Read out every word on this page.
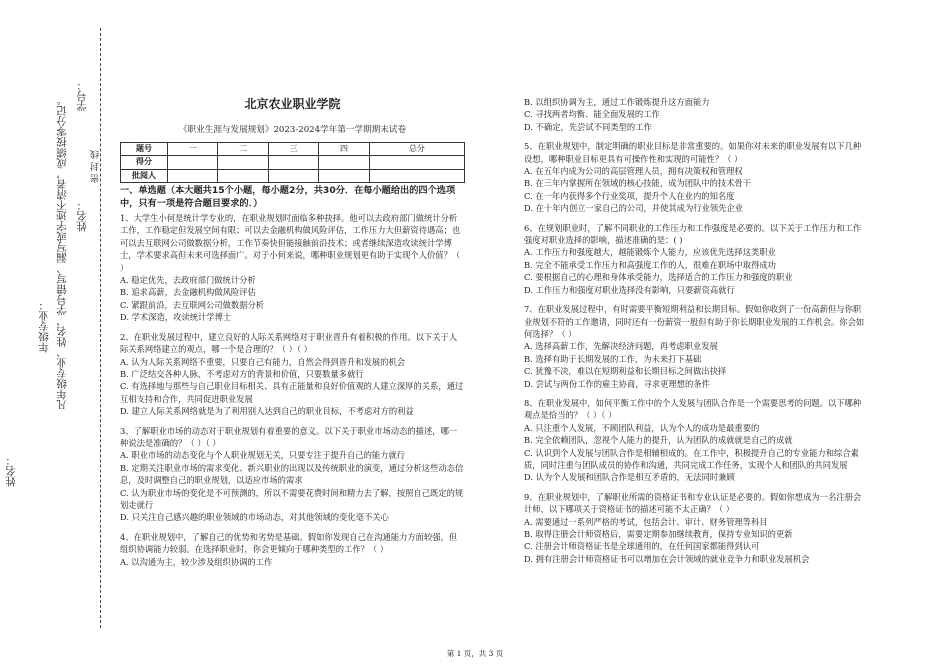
姓名：
年级专业： 凡年级专业、姓名、学号错写、漏写或字迹不清者，成绩按零分记。 姓名：
学号：
密 封 线
北京农业职业学院
《职业生涯与发展规划》2023-2024学年第一学期期末试卷
题号	一	二	三	四	总分
得分					
批阅人					
一、单选题（本大题共15个小题，每小题2分，共30分．在每小题给出的四个选项中，只有一项是符合题目要求的．）
1、大学生小何是统计学专业的，在职业规划时面临多种抉择。他可以去政府部门做统计分析工作，工作稳定但发展空间有限；可以去金融机构做风险评估，工作压力大但薪资待遇高；也可以去互联网公司做数据分析，工作节奏快但能接触前沿技术；或者继续深造攻读统计学博士，学术要求高但未来可选择面广。对于小何来说，哪种职业规划更有助于实现个人价值？（ ）
A. 稳定优先，去政府部门做统计分析
B. 追求高薪，去金融机构做风险评估
C. 紧跟前沿，去互联网公司做数据分析
D. 学术深造，攻读统计学博士
2、在职业发展过程中，建立良好的人际关系网络对于职业晋升有着积极的作用。以下关于人际关系网络建立的观点，哪一个是合理的？（ ）（ ）
A. 认为人际关系网络不重要，只要自己有能力，自然会得到晋升和发展的机会
B. 广泛结交各种人脉，不考虑对方的背景和价值，只要数量多就行
C. 有选择地与那些与自己职业目标相关、具有正能量和良好价值观的人建立深厚的关系，通过互相支持和合作，共同促进职业发展
D. 建立人际关系网络就是为了利用别人达到自己的职业目标，不考虑对方的利益
3、了解职业市场的动态对于职业规划有着重要的意义。以下关于职业市场动态的描述，哪一种说法是准确的？（ ）（ ）
A. 职业市场的动态变化与个人职业规划无关，只要专注于提升自己的能力就行
B. 定期关注职业市场的需求变化、新兴职业的出现以及传统职业的演变，通过分析这些动态信息，及时调整自己的职业规划，以适应市场的需求
C. 认为职业市场的变化是不可预测的，所以不需要花费时间和精力去了解，按照自己既定的规划走就行
D. 只关注自己感兴趣的职业领域的市场动态，对其他领域的变化毫不关心
4、在职业规划中，了解自己的优势和劣势是基础。假如你发现自己在沟通能力方面较强，但组织协调能力较弱。在选择职业时，你会更倾向于哪种类型的工作？（ ）
A. 以沟通为主，较少涉及组织协调的工作
B. 以组织协调为主，通过工作锻炼提升这方面能力
C. 寻找两者均衡、能全面发展的工作
D. 不确定，先尝试不同类型的工作
5、在职业规划中，制定明确的职业目标是非常重要的。如果你对未来的职业发展有以下几种设想，哪种职业目标更具有可操作性和实现的可能性？（ ）
A. 在五年内成为公司的高层管理人员，拥有决策权和管理权
B. 在三年内掌握所在领域的核心技能，成为团队中的技术骨干
C. 在一年内获得多个行业奖项，提升个人在业内的知名度
D. 在十年内创立一家自己的公司，并使其成为行业领先企业
6、在规划职业时，了解不同职业的工作压力和工作强度是必要的。以下关于工作压力和工作强度对职业选择的影响，描述准确的是：( )
A. 工作压力和强度越大，越能锻炼个人能力，应该优先选择这类职业
B. 完全不能承受工作压力和高强度工作的人，很难在职场中取得成功
C. 要根据自己的心理和身体承受能力，选择适合的工作压力和强度的职业
D. 工作压力和强度对职业选择没有影响，只要薪资高就行
7、在职业发展过程中，有时需要平衡短期利益和长期目标。假如你收到了一份高薪但与你职业规划不符的工作邀请，同时还有一份薪资一般但有助于你长期职业发展的工作机会。你会如何选择？（ ）
A. 选择高薪工作，先解决经济问题，再考虑职业发展
B. 选择有助于长期发展的工作，为未来打下基础
C. 犹豫不决，难以在短期利益和长期目标之间做出抉择
D. 尝试与两份工作的雇主协商，寻求更理想的条件
8、在职业发展中，如何平衡工作中的个人发展与团队合作是一个需要思考的问题。以下哪种观点是恰当的？（ ）（ ）
A. 只注重个人发展，不顾团队利益，认为个人的成功是最重要的
B. 完全依赖团队，忽视个人能力的提升，认为团队的成就就是自己的成就
C. 认识到个人发展与团队合作是相辅相成的。在工作中，积极提升自己的专业能力和综合素质，同时注重与团队成员的协作和沟通，共同完成工作任务，实现个人和团队的共同发展
D. 认为个人发展和团队合作是相互矛盾的，无法同时兼顾
9、在职业规划中，了解职业所需的资格证书和专业认证是必要的。假如你想成为一名注册会计师，以下哪项关于资格证书的描述可能不太正确？（ ）
A. 需要通过一系列严格的考试，包括会计、审计、财务管理等科目
B. 取得注册会计师资格后，需要定期参加继续教育，保持专业知识的更新
C. 注册会计师资格证书是全球通用的，在任何国家都能得到认可
D. 拥有注册会计师资格证书可以增加在会计领域的就业竞争力和职业发展机会
第 1 页，共 3 页
